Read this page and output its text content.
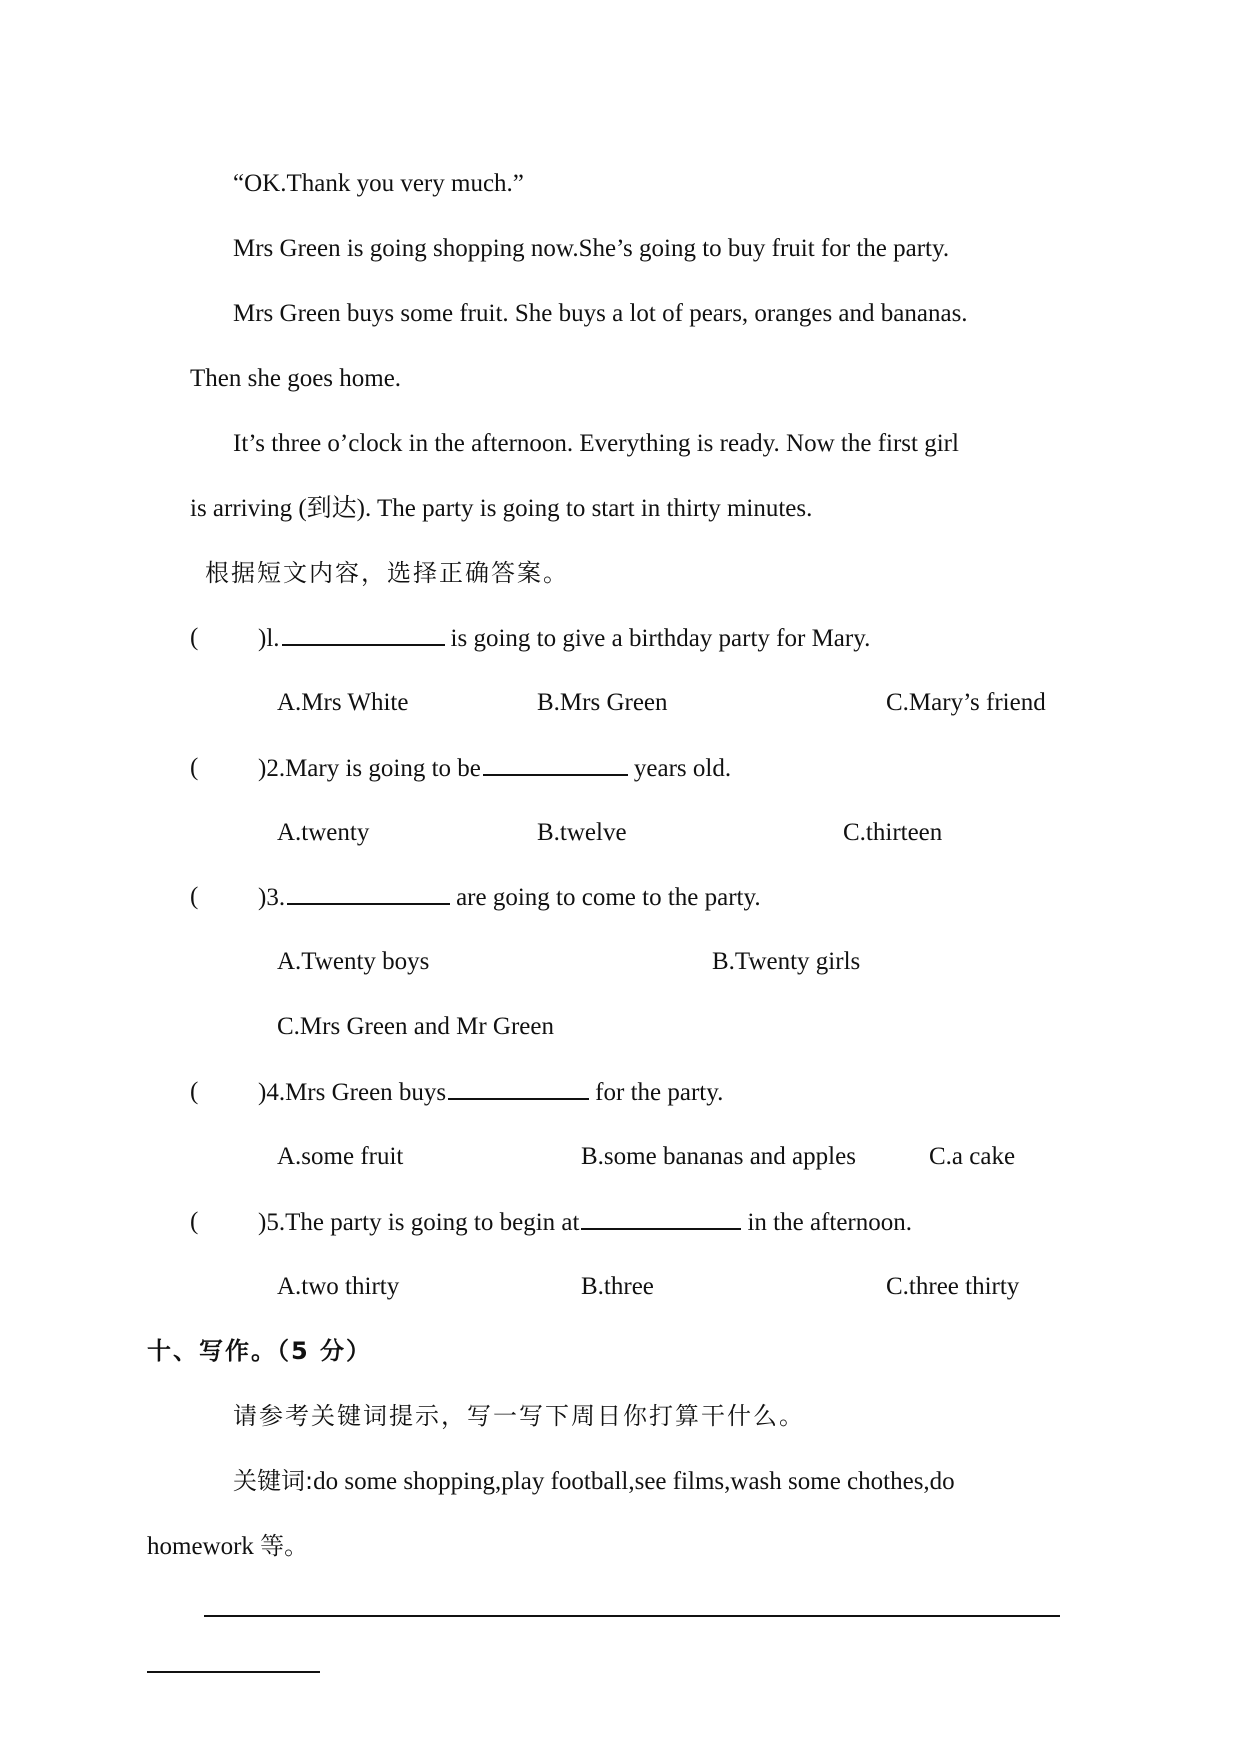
“OK.Thank you very much.”
Mrs Green is going shopping now.She’s going to buy fruit for the party.
Mrs Green buys some fruit. She buys a lot of pears, oranges and bananas.
Then she goes home.
It’s three o’clock in the afternoon. Everything is ready. Now the first girl
is arriving (到达). The party is going to start in thirty minutes.
根据短文内容，选择正确答案。
( )l.	is going to give a birthday party for Mary.
A.Mrs White	B.Mrs Green	C.Mary’s friend
( )2.Mary is going to be	years old.
A.twenty	B.twelve	C.thirteen
( )3.	are going to come to the party.
A.Twenty boys	B.Twenty girls
C.Mrs Green and Mr Green
( )4.Mrs Green buys	for the party.
A.some fruit	B.some bananas and apples	C.a cake
( )5.The party is going to begin at	in the afternoon.
A.two thirty	B.three	C.three thirty
十、写作。（5 分）
请参考关键词提示，写一写下周日你打算干什么。
关键词:do some shopping,play football,see films,wash some chothes,do
homework 等。
